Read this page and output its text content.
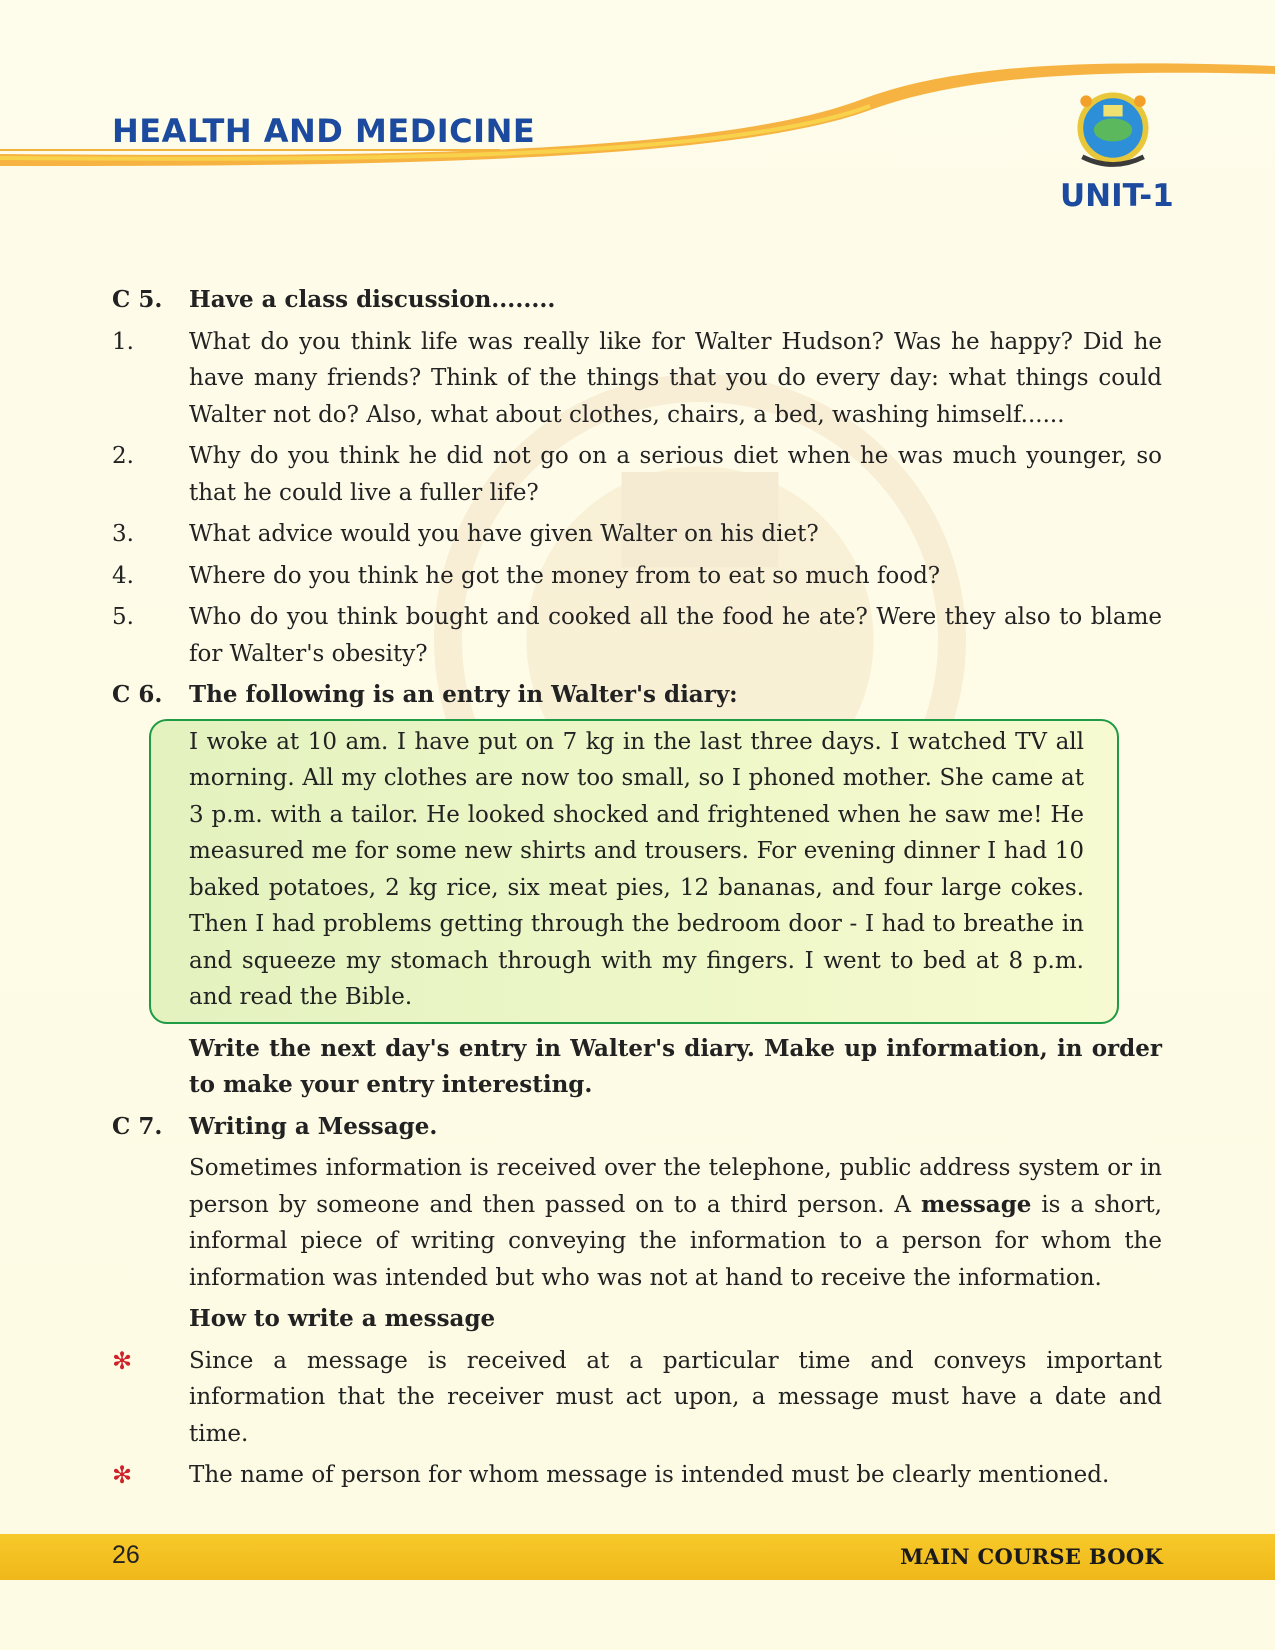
HEALTH AND MEDICINE
UNIT-1
C 5.	Have a class discussion........
1.	What do you think life was really like for Walter Hudson? Was he happy? Did he have many friends? Think of the things that you do every day: what things could Walter not do? Also, what about clothes, chairs, a bed, washing himself......
2.	Why do you think he did not go on a serious diet when he was much younger, so that he could live a fuller life?
3.	What advice would you have given Walter on his diet?
4.	Where do you think he got the money from to eat so much food?
5.	Who do you think bought and cooked all the food he ate? Were they also to blame for Walter's obesity?
C 6.	The following is an entry in Walter's diary:
I woke at 10 am. I have put on 7 kg in the last three days. I watched TV all morning. All my clothes are now too small, so I phoned mother. She came at 3 p.m. with a tailor. He looked shocked and frightened when he saw me! He measured me for some new shirts and trousers. For evening dinner I had 10 baked potatoes, 2 kg rice, six meat pies, 12 bananas, and four large cokes. Then I had problems getting through the bedroom door - I had to breathe in and squeeze my stomach through with my fingers. I went to bed at 8 p.m. and read the Bible.
Write the next day's entry in Walter's diary. Make up information, in order to make your entry interesting.
C 7.	Writing a Message.
Sometimes information is received over the telephone, public address system or in person by someone and then passed on to a third person. A message is a short, informal piece of writing conveying the information to a person for whom the information was intended but who was not at hand to receive the information.
How to write a message
✻	Since a message is received at a particular time and conveys important information that the receiver must act upon, a message must have a date and time.
✻	The name of person for whom message is intended must be clearly mentioned.
26	MAIN COURSE BOOK
